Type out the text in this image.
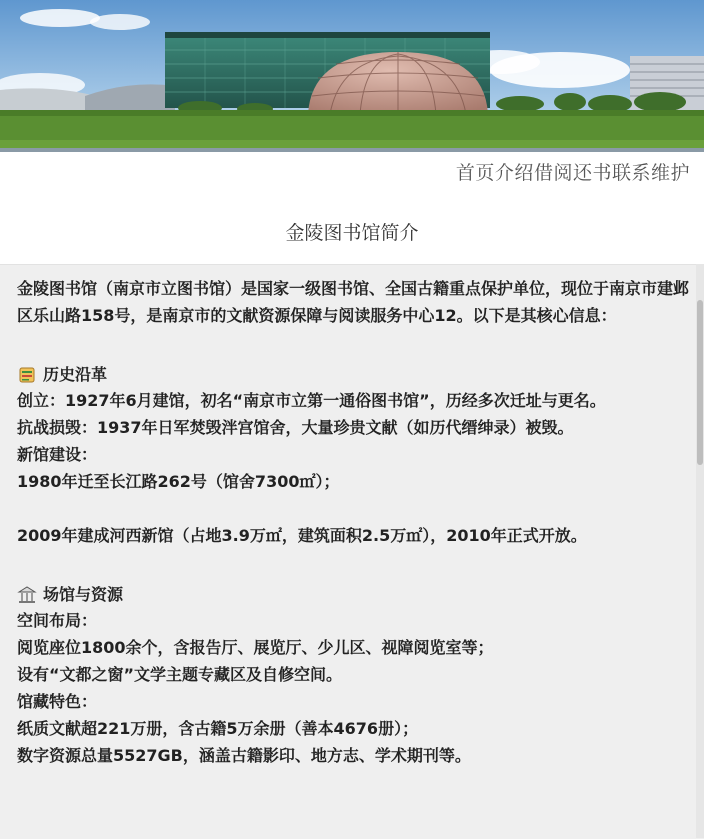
首页介绍借阅还书联系维护
金陵图书馆简介

金陵图书馆（南京市立图书馆）是国家一级图书馆、全国古籍重点保护单位，现位于南京市建邺区乐山路158号，是南京市的文献资源保障与阅读服务中心12。以下是其核心信息：

历史沿革

创立：1927年6月建馆，初名“南京市立第一通俗图书馆”，历经多次迁址与更名。

抗战损毁：1937年日军焚毁泮宫馆舍，大量珍贵文献（如历代缙绅录）被毁。

新馆建设：

1980年迁至长江路262号（馆舍7300㎡）；

2009年建成河西新馆（占地3.9万㎡，建筑面积2.5万㎡），2010年正式开放。

场馆与资源

空间布局：

阅览座位1800余个，含报告厅、展览厅、少儿区、视障阅览室等；

设有“文都之窗”文学主题专藏区及自修空间。

馆藏特色：

纸质文献超221万册，含古籍5万余册（善本4676册）；

数字资源总量5527GB，涵盖古籍影印、地方志、学术期刊等。
